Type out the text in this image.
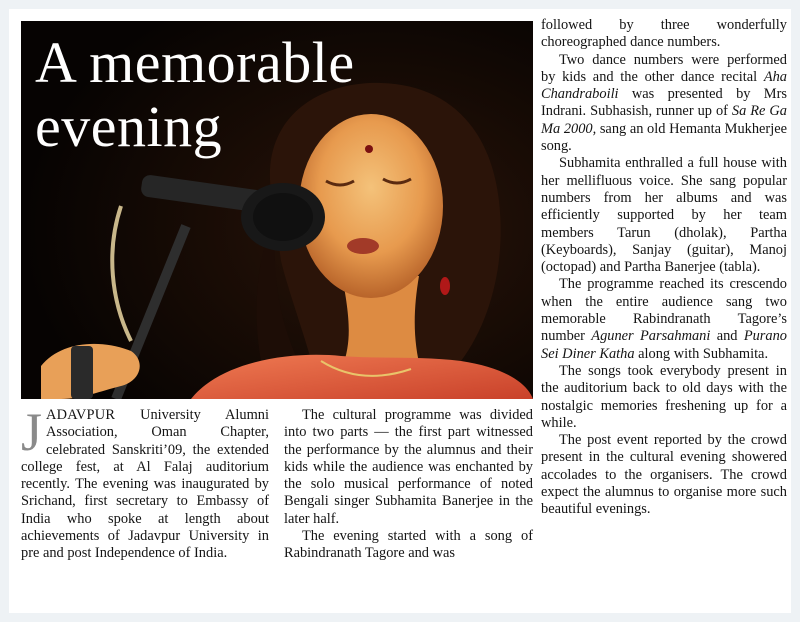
A memorable
evening

JADAVPUR University Alumni Association, Oman Chapter, celebrated Sanskriti’09, the extended college fest, at Al Falaj auditorium recently. The evening was inaugurated by Srichand, first secretary to Embassy of India who spoke at length about achievements of Jadavpur University in pre and post Independence of India.

The cultural programme was divided into two parts — the first part witnessed the performance by the alumnus and their kids while the audience was enchanted by the solo musical performance of noted Bengali singer Subhamita Banerjee in the later half.

The evening started with a song of Rabindranath Tagore and was

followed by three wonderfully choreographed dance numbers.

Two dance numbers were performed by kids and the other dance recital Aha Chandraboili was presented by Mrs Indrani. Subhasish, runner up of Sa Re Ga Ma 2000, sang an old Hemanta Mukherjee song.

Subhamita enthralled a full house with her mellifluous voice. She sang popular numbers from her albums and was efficiently supported by her team members Tarun (dholak), Partha (Keyboards), Sanjay (guitar), Manoj (octopad) and Partha Banerjee (tabla).

The programme reached its crescendo when the entire audience sang two memorable Rabindranath Tagore’s number Aguner Parsahmani and Purano Sei Diner Katha along with Subhamita.

The songs took everybody present in the auditorium back to old days with the nostalgic memories freshening up for a while.

The post event reported by the crowd present in the cultural evening showered accolades to the organisers. The crowd expect the alumnus to organise more such beautiful evenings.
